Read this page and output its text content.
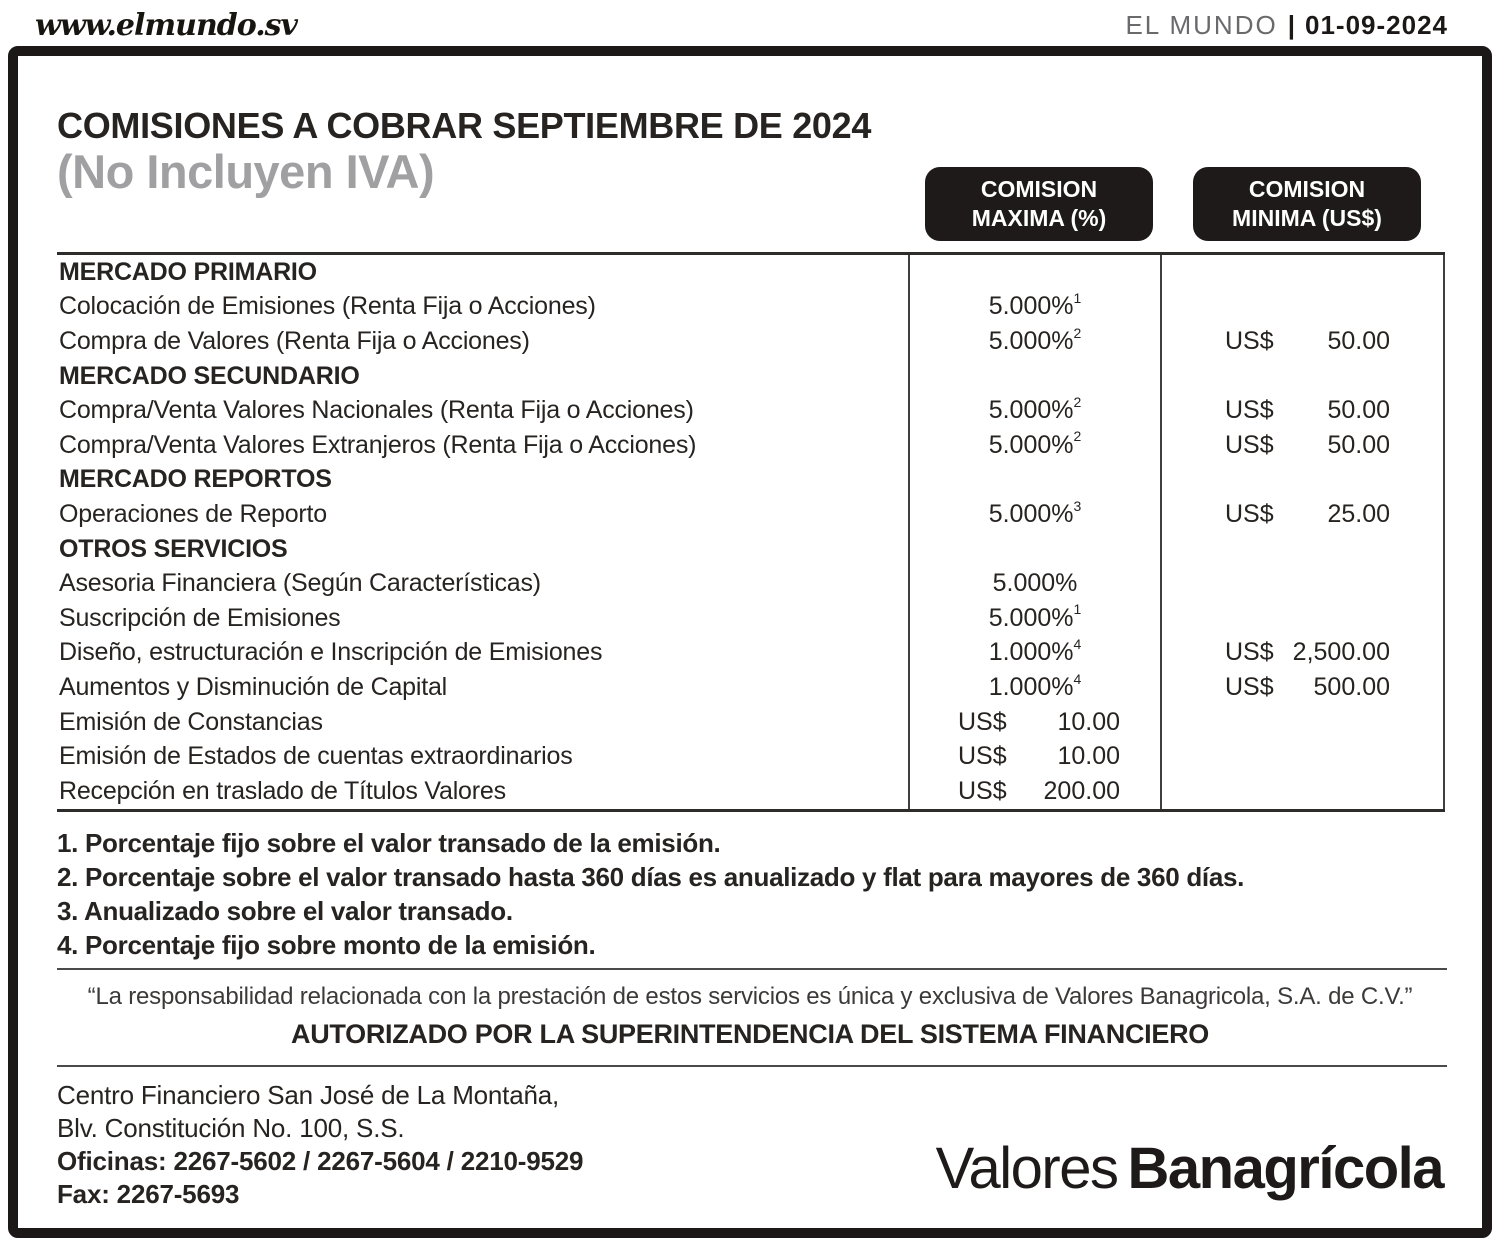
www.elmundo.sv	EL MUNDO | 01-09-2024
COMISIONES A COBRAR SEPTIEMBRE DE 2024
(No Incluyen IVA)	COMISION
MAXIMA (%)
COMISION
MINIMA (US$)
MERCADO PRIMARIO
Colocación de Emisiones (Renta Fija o Acciones)	5.000%$^1$
Compra de Valores (Renta Fija o Acciones)	5.000%$^2$	US$ 50.00
MERCADO SECUNDARIO
Compra/Venta Valores Nacionales (Renta Fija o Acciones)	5.000%$^2$	US$ 50.00
Compra/Venta Valores Extranjeros (Renta Fija o Acciones)	5.000%$^2$	US$ 50.00
MERCADO REPORTOS
Operaciones de Reporto	5.000%$^3$	US$ 25.00
OTROS SERVICIOS
Asesoria Financiera (Según Características)	5.000%
Suscripción de Emisiones	5.000%$^1$
Diseño, estructuración e Inscripción de Emisiones	1.000%$^4$	US$ 2,500.00
Aumentos y Disminución de Capital	1.000%$^4$	US$ 500.00
Emisión de Constancias	US$ 10.00
Emisión de Estados de cuentas extraordinarios	US$ 10.00
Recepción en traslado de Títulos Valores	US$ 200.00
1. Porcentaje fijo sobre el valor transado de la emisión.
2. Porcentaje sobre el valor transado hasta 360 días es anualizado y flat para mayores de 360 días.
3. Anualizado sobre el valor transado.
4. Porcentaje fijo sobre monto de la emisión.
“La responsabilidad relacionada con la prestación de estos servicios es única y exclusiva de Valores Banagricola, S.A. de C.V.”
AUTORIZADO POR LA SUPERINTENDENCIA DEL SISTEMA FINANCIERO
Centro Financiero San José de La Montaña,
Blv. Constitución No. 100, S.S.
Oficinas: 2267-5602 / 2267-5604 / 2210-9529
Fax: 2267-5693	Valores Banagrícola
